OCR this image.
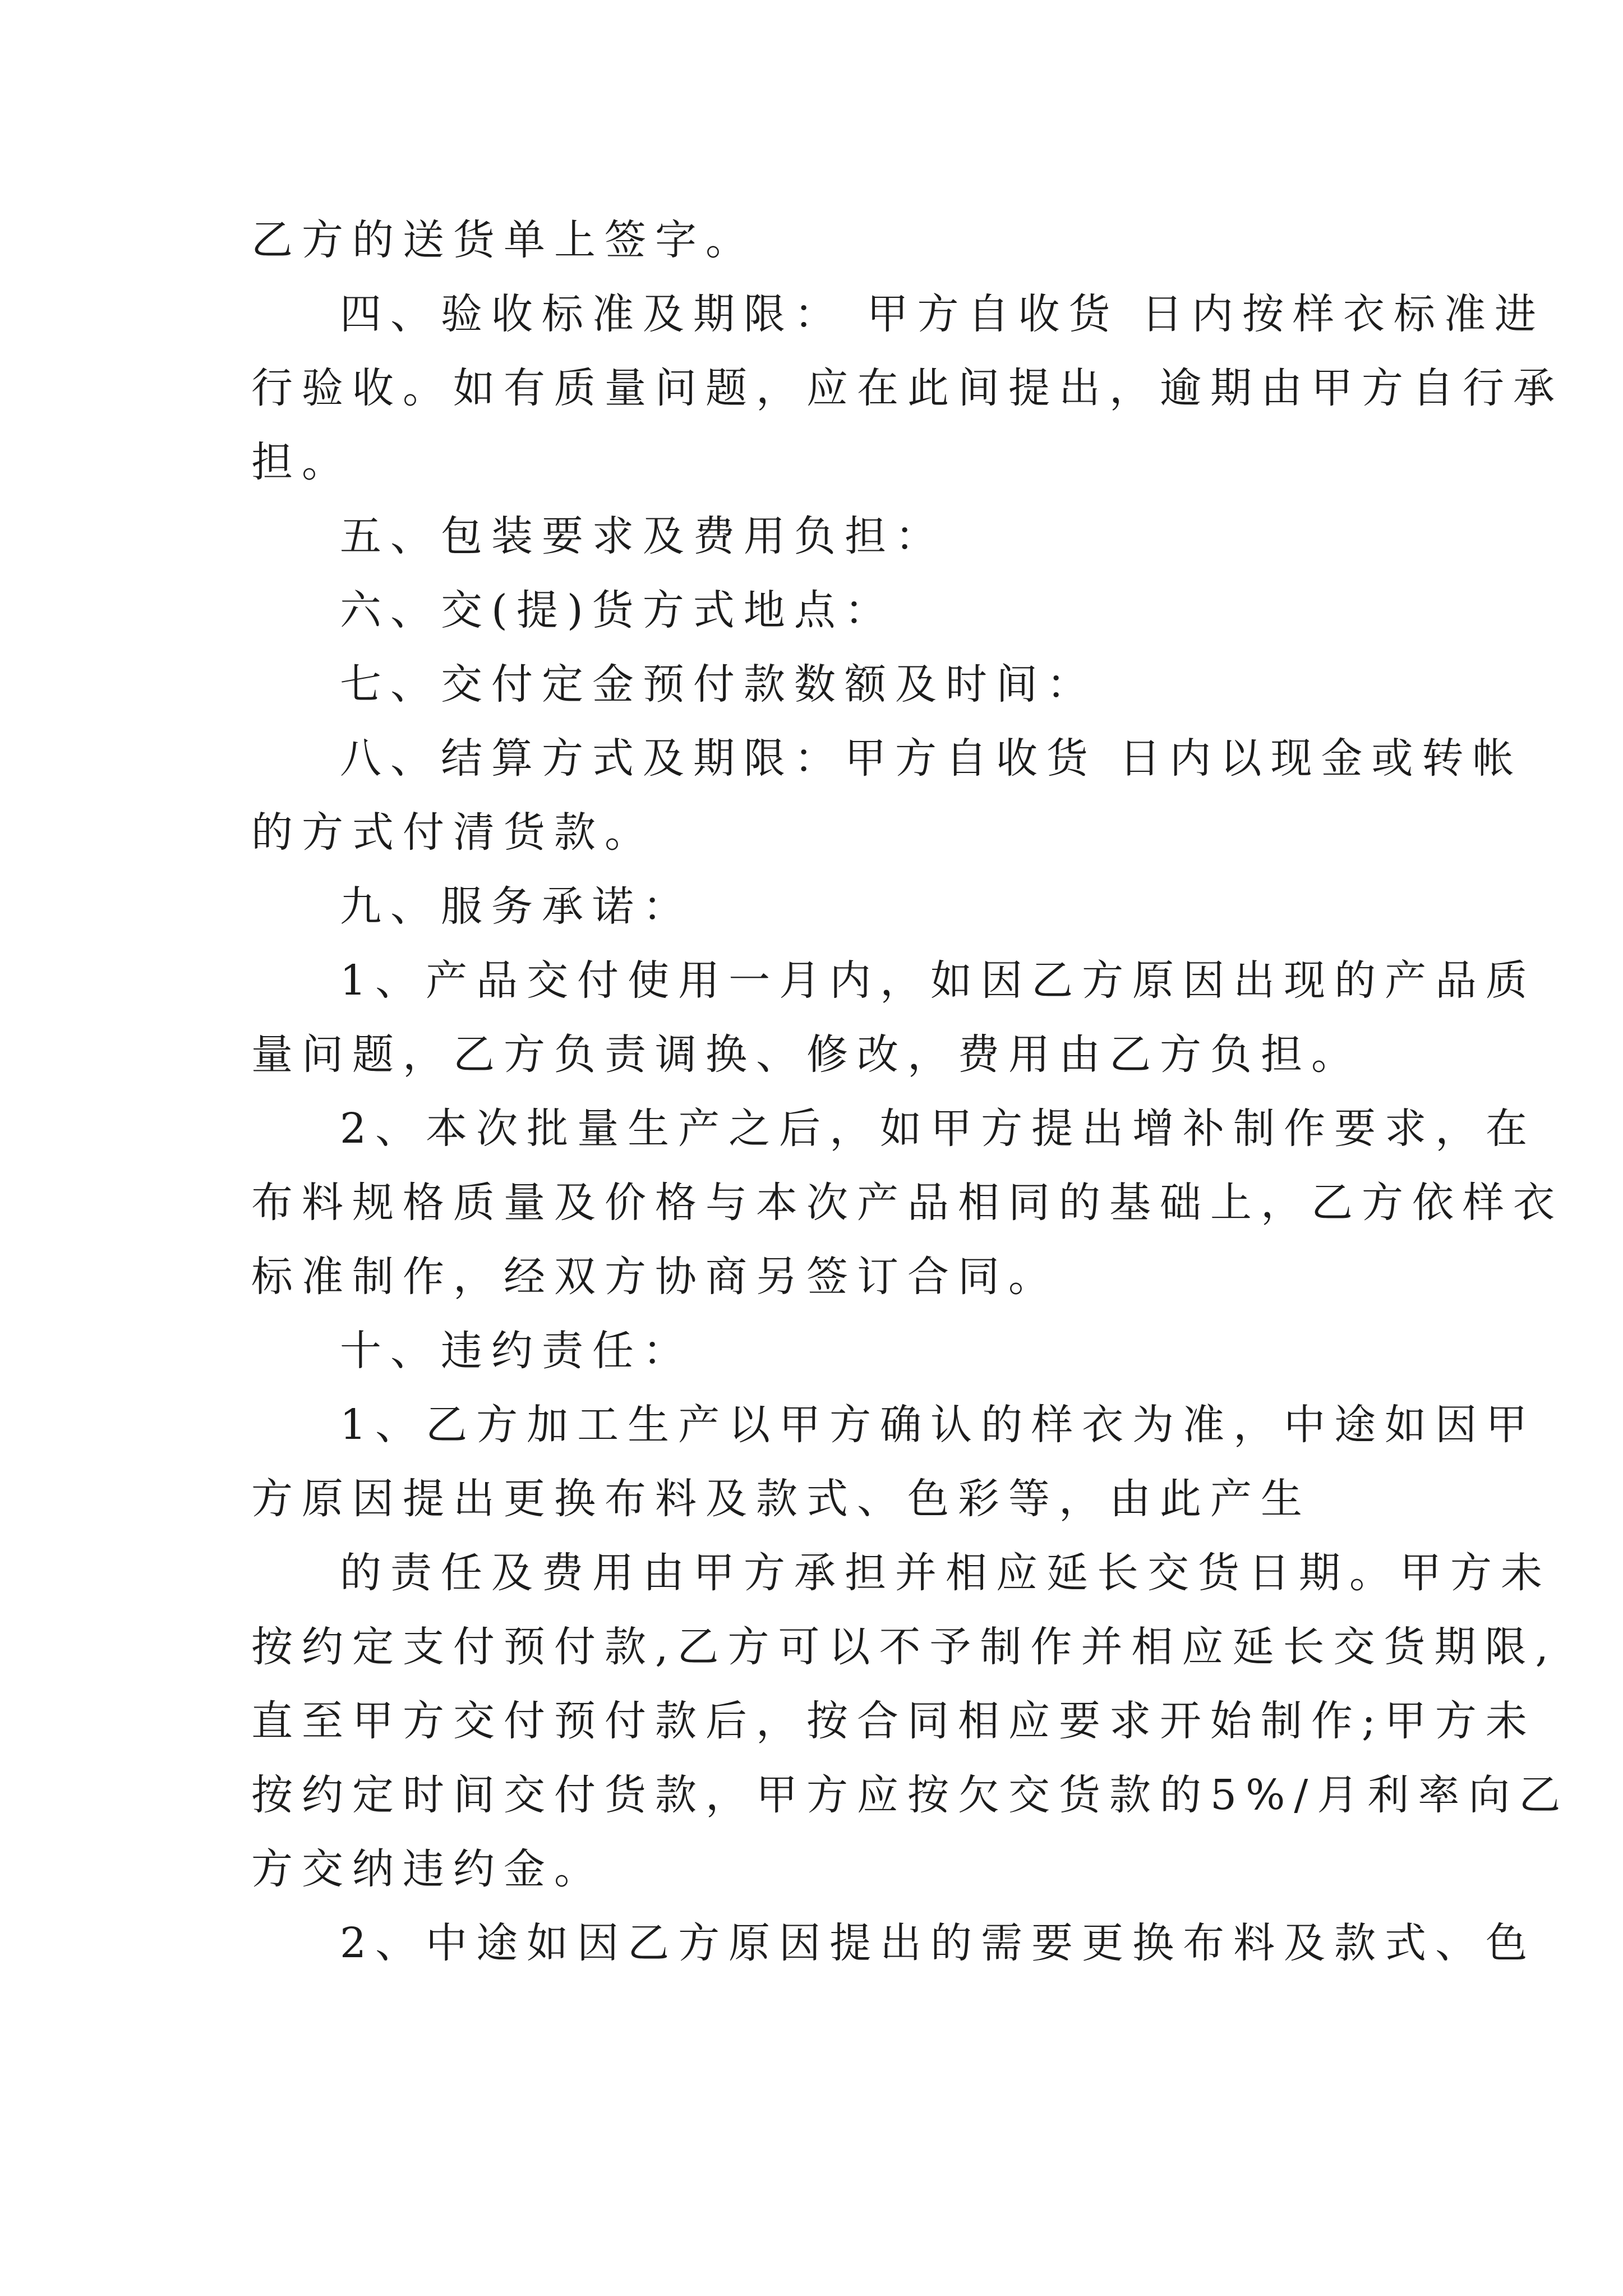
乙方的送货单上签字。

四、验收标准及期限： 甲方自收货 日内按样衣标准进

行验收。如有质量问题，应在此间提出，逾期由甲方自行承

担。

五、包装要求及费用负担：

六、交(提)货方式地点：

七、交付定金预付款数额及时间：

八、结算方式及期限：甲方自收货 日内以现金或转帐

的方式付清货款。

九、服务承诺：

1、产品交付使用一月内，如因乙方原因出现的产品质

量问题，乙方负责调换、修改，费用由乙方负担。

2、本次批量生产之后，如甲方提出增补制作要求，在

布料规格质量及价格与本次产品相同的基础上，乙方依样衣

标准制作，经双方协商另签订合同。

十、违约责任：

1、乙方加工生产以甲方确认的样衣为准，中途如因甲

方原因提出更换布料及款式、色彩等，由此产生

的责任及费用由甲方承担并相应延长交货日期。甲方未

按约定支付预付款,乙方可以不予制作并相应延长交货期限,

直至甲方交付预付款后，按合同相应要求开始制作;甲方未

按约定时间交付货款，甲方应按欠交货款的5%/月利率向乙

方交纳违约金。

2、中途如因乙方原因提出的需要更换布料及款式、色
